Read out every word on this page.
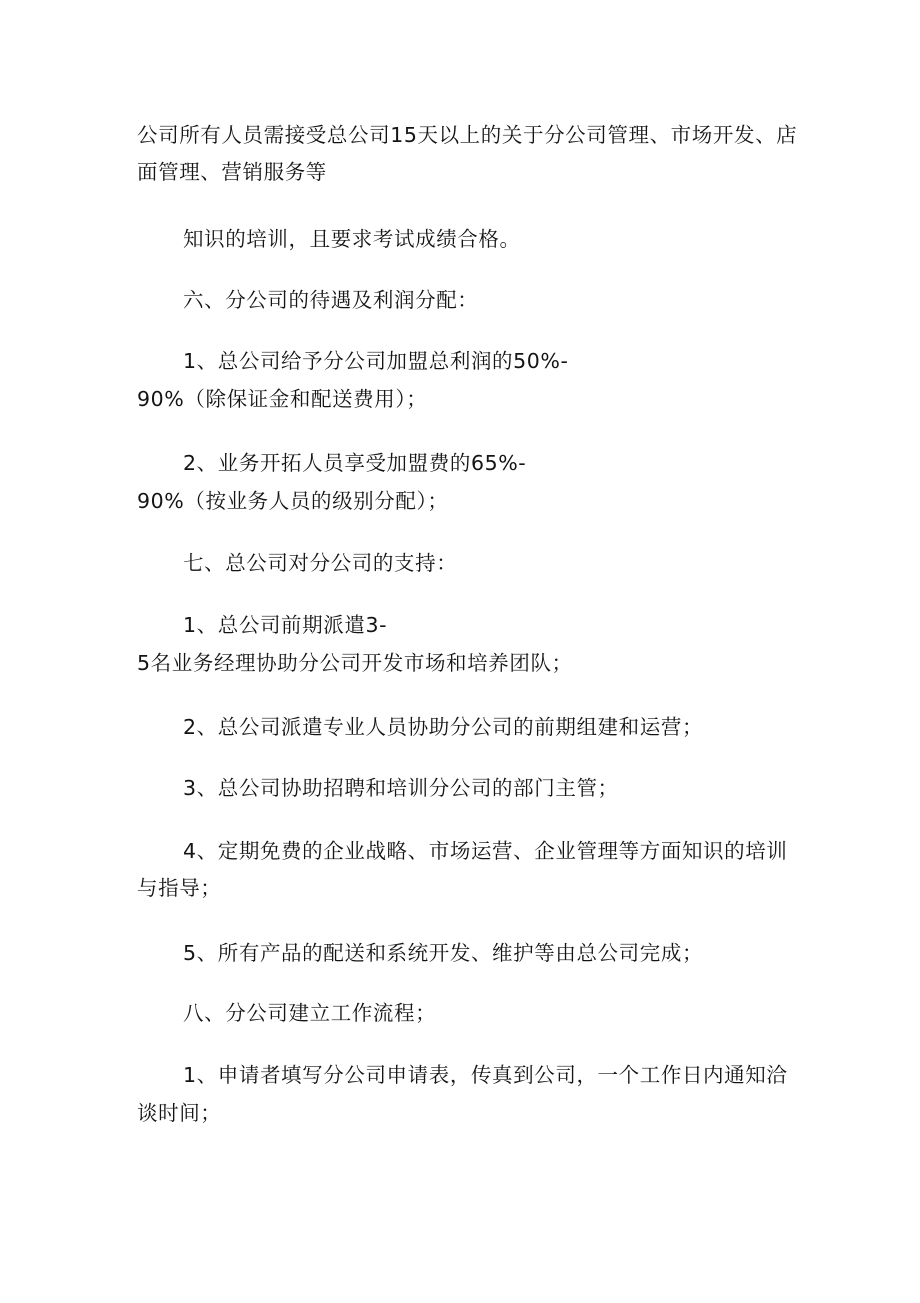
公司所有人员需接受总公司15天以上的关于分公司管理、市场开发、店

面管理、营销服务等

知识的培训，且要求考试成绩合格。

六、分公司的待遇及利润分配：

1、总公司给予分公司加盟总利润的50%-

90%（除保证金和配送费用）；

2、业务开拓人员享受加盟费的65%-

90%（按业务人员的级别分配）；

七、总公司对分公司的支持：

1、总公司前期派遣3-

5名业务经理协助分公司开发市场和培养团队；

2、总公司派遣专业人员协助分公司的前期组建和运营；

3、总公司协助招聘和培训分公司的部门主管；

4、定期免费的企业战略、市场运营、企业管理等方面知识的培训

与指导；

5、所有产品的配送和系统开发、维护等由总公司完成；

八、分公司建立工作流程；

1、申请者填写分公司申请表，传真到公司，一个工作日内通知洽

谈时间；
